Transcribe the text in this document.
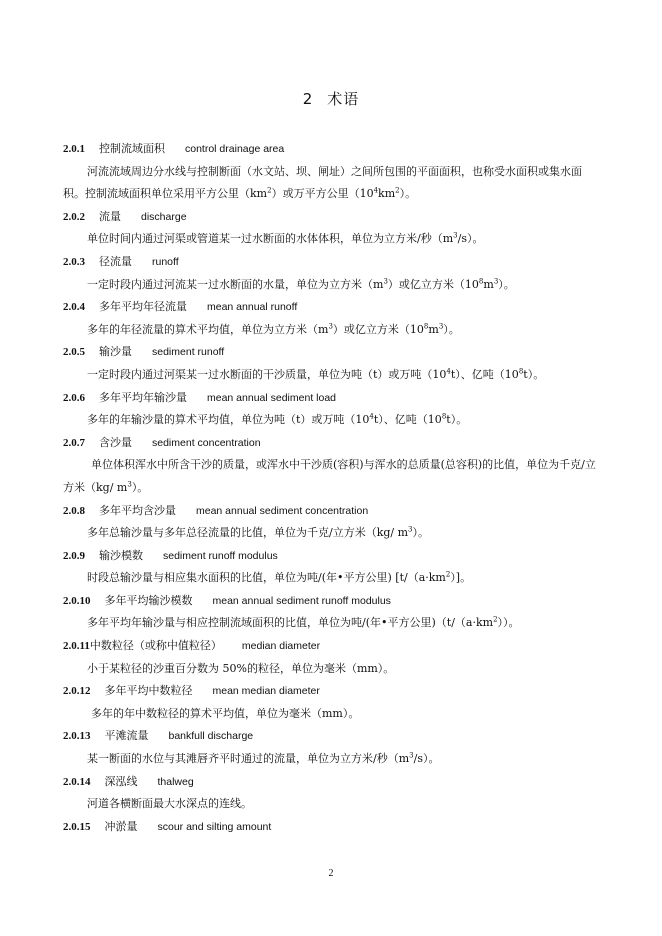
2 术语
2.0.1 控制流域面积 control drainage area
河流流域周边分水线与控制断面（水文站、坝、闸址）之间所包围的平面面积，也称受水面积或集水面积。控制流域面积单位采用平方公里$(km^2)$或万平方公里$(10^4km^2)$。
2.0.2 流量 discharge
单位时间内通过河渠或管道某一过水断面的水体体积，单位为立方米/秒$(m^3/s)$。
2.0.3 径流量 runoff
一定时段内通过河流某一过水断面的水量，单位为立方米$(m^3)$或亿立方米$(10^8m^3)$。
2.0.4 多年平均年径流量 mean annual runoff
多年的年径流量的算术平均值，单位为立方米$(m^3)$或亿立方米$(10^8m^3)$。
2.0.5 输沙量 sediment runoff
一定时段内通过河渠某一过水断面的干沙质量，单位为吨（t）或万吨$(10^4t)$、亿吨$(10^8t)$。
2.0.6 多年平均年输沙量 mean annual sediment load
多年的年输沙量的算术平均值，单位为吨（t）或万吨$(10^4t)$、亿吨$(10^8t)$。
2.0.7 含沙量 sediment concentration
单位体积浑水中所含干沙的质量，或浑水中干沙质(容积)与浑水的总质量(总容积)的比值，单位为千克/立方米（kg/ $m^3$）。
2.0.8 多年平均含沙量 mean annual sediment concentration
多年总输沙量与多年总径流量的比值，单位为千克/立方米（kg/ $m^3$）。
2.0.9 输沙模数 sediment runoff modulus
时段总输沙量与相应集水面积的比值，单位为吨/(年•平方公里) $[t/(a\cdot km^2)]$。
2.0.10 多年平均输沙模数 mean annual sediment runoff modulus
多年平均年输沙量与相应控制流域面积的比值，单位为吨/(年•平方公里)$(t/(a\cdot km^2))$。
2.0.11中数粒径（或称中值粒径） median diameter
小于某粒径的沙重百分数为 50%的粒径，单位为毫米（mm）。
2.0.12 多年平均中数粒径 mean median diameter
多年的年中数粒径的算术平均值，单位为毫米（mm）。
2.0.13 平滩流量 bankfull discharge
某一断面的水位与其滩唇齐平时通过的流量，单位为立方米/秒$(m^3/s)$。
2.0.14 深泓线 thalweg
河道各横断面最大水深点的连线。
2.0.15 冲淤量 scour and silting amount
2
